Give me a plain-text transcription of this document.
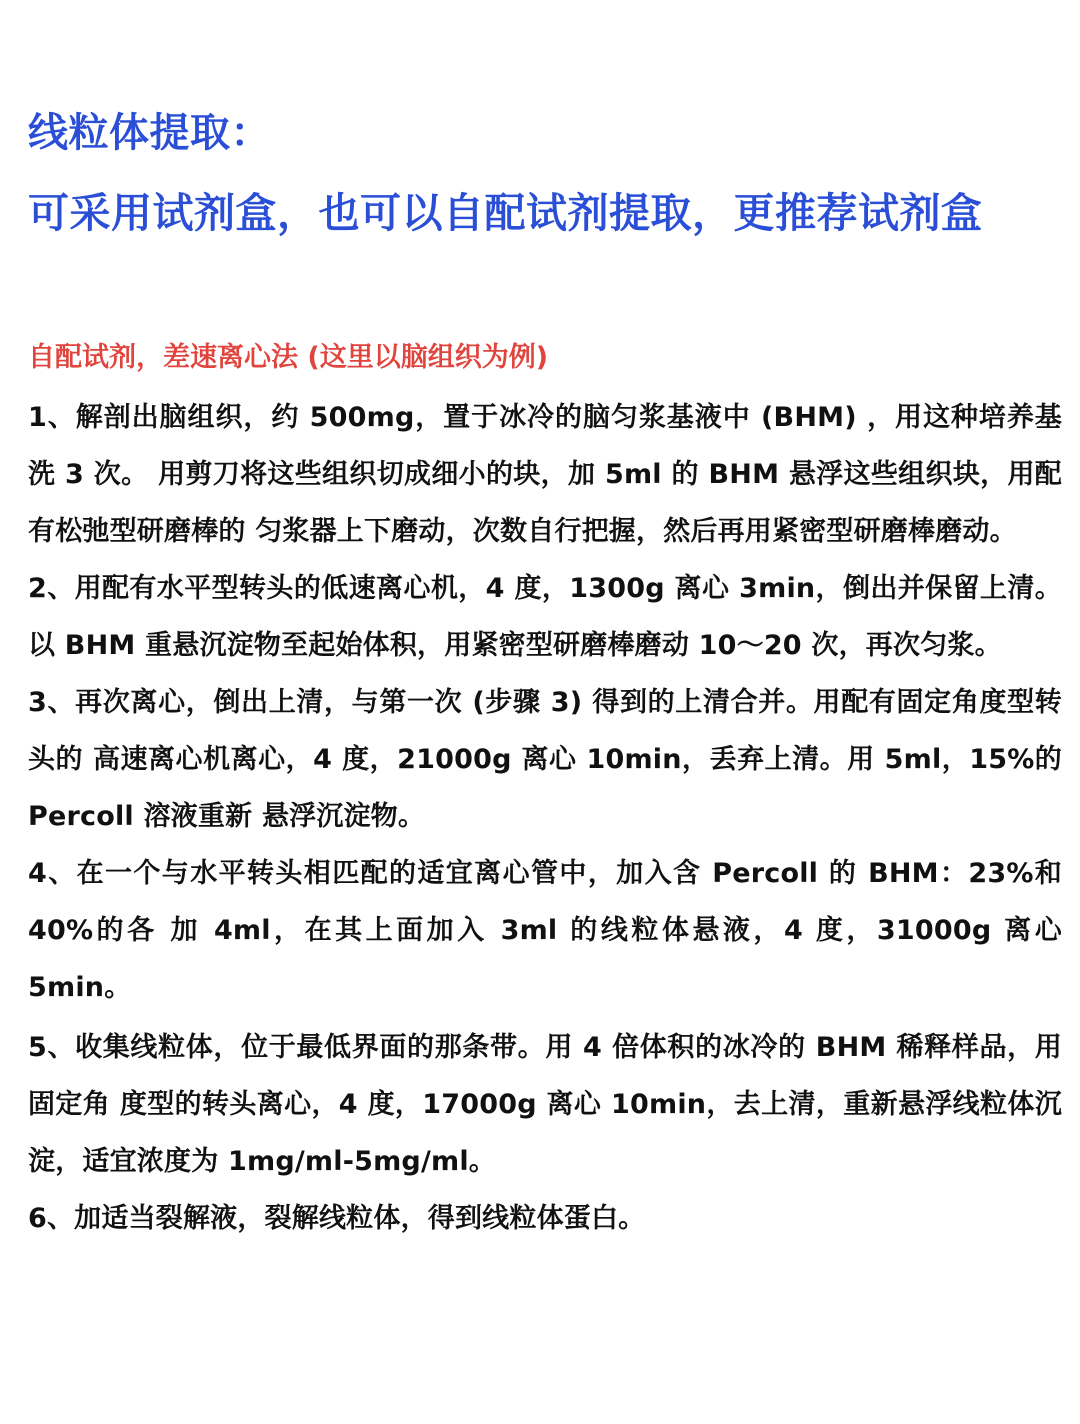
线粒体提取：
可采用试剂盒，也可以自配试剂提取，更推荐试剂盒
自配试剂，差速离心法 (这里以脑组织为例)
1、解剖出脑组织，约 500mg，置于冰冷的脑匀浆基液中 (BHM) ，用这种培养基洗 3 次。 用剪刀将这些组织切成细小的块，加 5ml 的 BHM 悬浮这些组织块，用配有松弛型研磨棒的 匀浆器上下磨动，次数自行把握，然后再用紧密型研磨棒磨动。
2、用配有水平型转头的低速离心机，4 度，1300g 离心 3min，倒出并保留上清。以 BHM 重悬沉淀物至起始体积，用紧密型研磨棒磨动 10～20 次，再次匀浆。
3、再次离心，倒出上清，与第一次 (步骤 3) 得到的上清合并。用配有固定角度型转头的 高速离心机离心，4 度，21000g 离心 10min，丢弃上清。用 5ml，15%的 Percoll 溶液重新 悬浮沉淀物。
4、在一个与水平转头相匹配的适宜离心管中，加入含 Percoll 的 BHM：23%和 40%的各 加 4ml，在其上面加入 3ml 的线粒体悬液，4 度，31000g 离心 5min。
5、收集线粒体，位于最低界面的那条带。用 4 倍体积的冰冷的 BHM 稀释样品，用固定角 度型的转头离心，4 度，17000g 离心 10min，去上清，重新悬浮线粒体沉淀，适宜浓度为 1mg/ml-5mg/ml。
6、加适当裂解液，裂解线粒体，得到线粒体蛋白。
